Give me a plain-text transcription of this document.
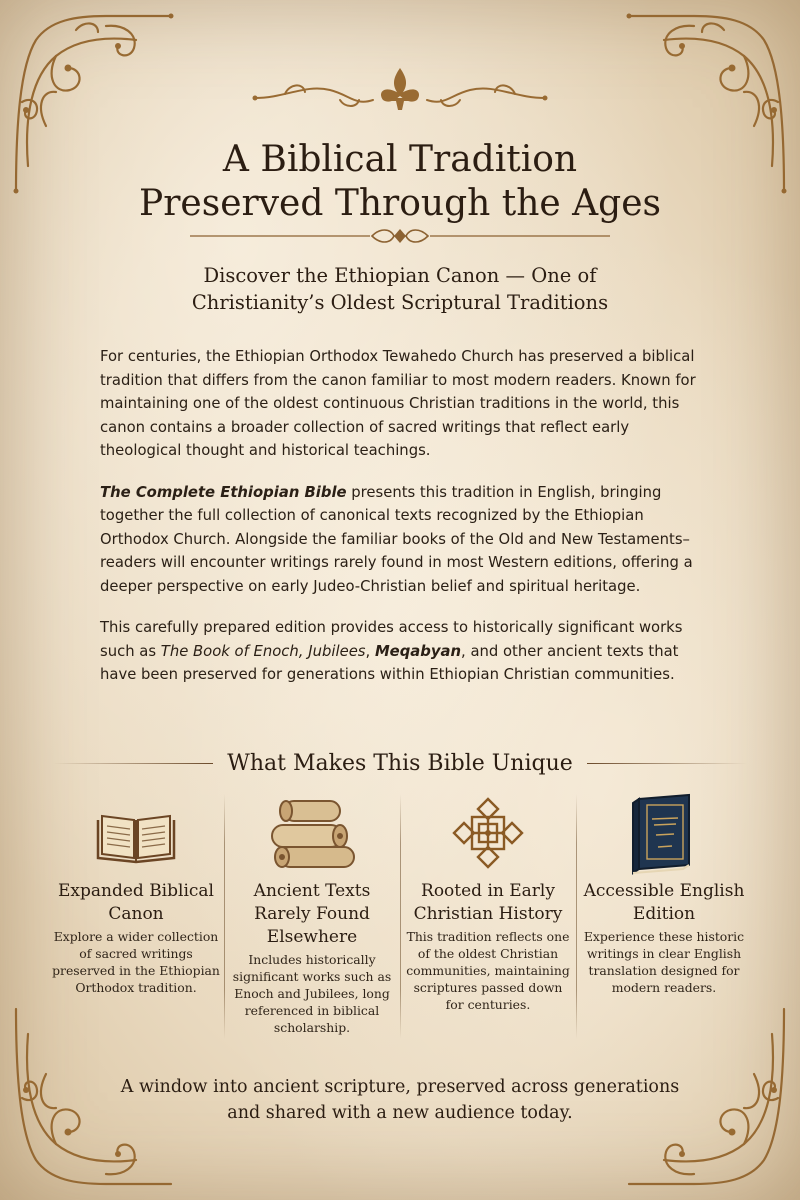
A Biblical Tradition
Preserved Through the Ages
Discover the Ethiopian Canon — One of
Christianity’s Oldest Scriptural Traditions

For centuries, the Ethiopian Orthodox Tewahedo Church has preserved a biblical tradition that differs from the canon familiar to most modern readers. Known for maintaining one of the oldest continuous Christian traditions in the world, this canon contains a broader collection of sacred writings that reflect early theological thought and historical teachings.

The Complete Ethiopian Bible presents this tradition in English, bringing together the full collection of canonical texts recognized by the Ethiopian Orthodox Church. Alongside the familiar books of the Old and New Testaments–readers will encounter writings rarely found in most Western editions, offering a deeper perspective on early Judeo-Christian belief and spiritual heritage.

This carefully prepared edition provides access to historically significant works such as The Book of Enoch, Jubilees, Meqabyan, and other ancient texts that have been preserved for generations within Ethiopian Christian communities.

What Makes This Bible Unique
Expanded Biblical Canon

Explore a wider collection of sacred writings preserved in the Ethiopian Orthodox tradition.

Ancient Texts Rarely Found Elsewhere

Includes historically significant works such as Enoch and Jubilees, long referenced in biblical scholarship.

Rooted in Early Christian History

This tradition reflects one of the oldest Christian communities, maintaining scriptures passed down for centuries.

Accessible English Edition

Experience these historic writings in clear English translation designed for modern readers.

A window into ancient scripture, preserved across generations
and shared with a new audience today.
